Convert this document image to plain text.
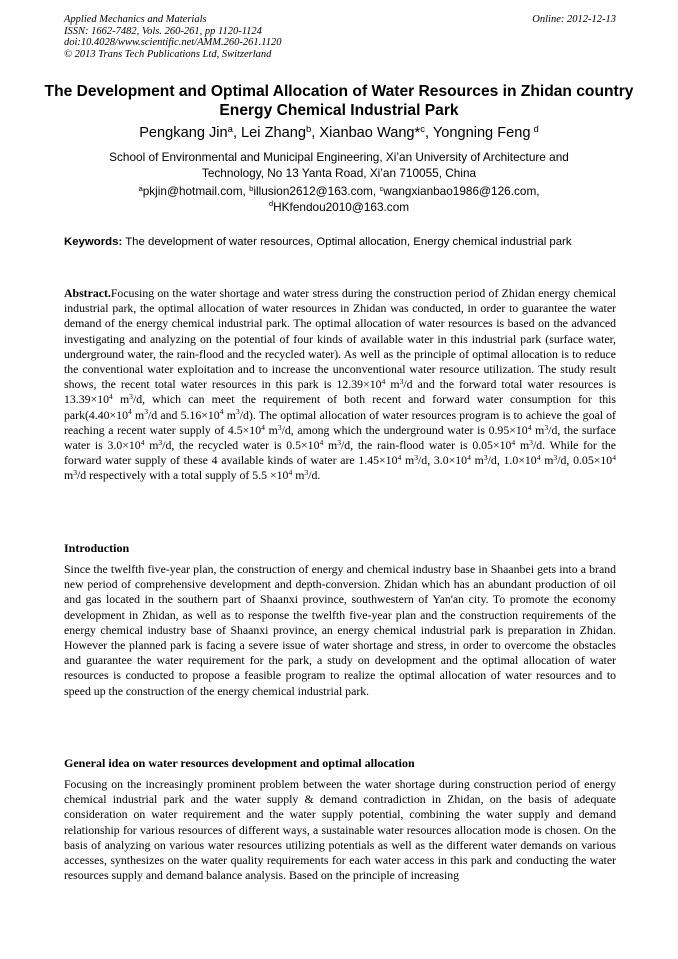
Applied Mechanics and Materials
ISSN: 1662-7482, Vols. 260-261, pp 1120-1124
doi:10.4028/www.scientific.net/AMM.260-261.1120
© 2013 Trans Tech Publications Ltd, Switzerland
Online: 2012-12-13
The Development and Optimal Allocation of Water Resources in Zhidan country Energy Chemical Industrial Park
Pengkang Jin$^a$, Lei Zhang$^b$, Xianbao Wang*$^c$, Yongning Feng $^d$
School of Environmental and Municipal Engineering, Xi’an University of Architecture and
Technology, No 13 Yanta Road, Xi’an 710055, China
$^a$pkjin@hotmail.com, $^b$illusion2612@163.com, $^c$wangxianbao1986@126.com,
$^d$HKfendou2010@163.com
Keywords: The development of water resources, Optimal allocation, Energy chemical industrial park
Abstract.Focusing on the water shortage and water stress during the construction period of Zhidan energy chemical industrial park, the optimal allocation of water resources in Zhidan was conducted, in order to guarantee the water demand of the energy chemical industrial park. The optimal allocation of water resources is based on the advanced investigating and analyzing on the potential of four kinds of available water in this industrial park (surface water, underground water, the rain-flood and the recycled water). As well as the principle of optimal allocation is to reduce the conventional water exploitation and to increase the unconventional water resource utilization. The study result shows, the recent total water resources in this park is $12.39\times 10^4$ $m^3/d$ and the forward total water resources is $13.39\times 10^4$ $m^3/d$, which can meet the requirement of both recent and forward water consumption for this $park(4.40\times 10^4$ $m^3/d$ and $5.16\times 10^4$ $m^3/d$). The optimal allocation of water resources program is to achieve the goal of reaching a recent water supply of $4.5\times 10^4$ $m^3/d$, among which the underground water is $0.95\times 10^4$ $m^3/d$, the surface water is $3.0\times 10^4$ $m^3/d$, the recycled water is $0.5\times 10^4$ $m^3/d$, the rain-flood water is $0.05\times 10^4$ $m^3/d$. While for the forward water supply of these 4 available kinds of water are $1.45\times 10^4$ $m^3/d$, $3.0\times 10^4$ $m^3/d$, $1.0\times 10^4$ $m^3/d$, $0.05\times 10^4$ $m^3/d$ respectively with a total supply of $5.5 \times 10^4$ $m^3/d$.
Introduction
Since the twelfth five-year plan, the construction of energy and chemical industry base in Shaanbei gets into a brand new period of comprehensive development and depth-conversion. Zhidan which has an abundant production of oil and gas located in the southern part of Shaanxi province, southwestern of Yan'an city. To promote the economy development in Zhidan, as well as to response the twelfth five-year plan and the construction requirements of the energy chemical industry base of Shaanxi province, an energy chemical industrial park is preparation in Zhidan. However the planned park is facing a severe issue of water shortage and stress, in order to overcome the obstacles and guarantee the water requirement for the park, a study on development and the optimal allocation of water resources is conducted to propose a feasible program to realize the optimal allocation of water resources and to speed up the construction of the energy chemical industrial park.
General idea on water resources development and optimal allocation
Focusing on the increasingly prominent problem between the water shortage during construction period of energy chemical industrial park and the water supply & demand contradiction in Zhidan, on the basis of adequate consideration on water requirement and the water supply potential, combining the water supply and demand relationship for various resources of different ways, a sustainable water resources allocation mode is chosen. On the basis of analyzing on various water resources utilizing potentials as well as the different water demands on various accesses, synthesizes on the water quality requirements for each water access in this park and conducting the water resources supply and demand balance analysis. Based on the principle of increasing
